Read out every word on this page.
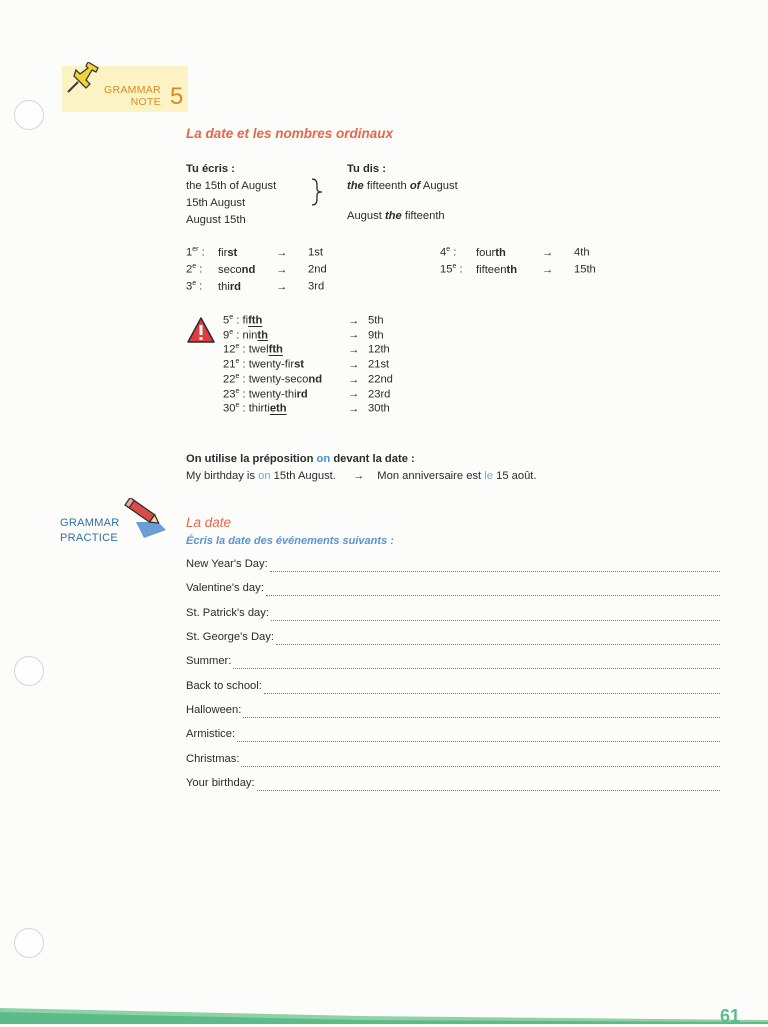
GRAMMAR
NOTE 5
La date et les nombres ordinaux
Tu écris :
the 15th of August
15th August
August 15th
Tu dis :
the fifteenth of August
August the fifteenth
1er : first	→ 1st
2e : second → 2nd
3e : third	→ 3rd
4e : fourth	→ 4th
15e : fifteenth → 15th
5e : fifth	→ 5th
9e : ninth	→ 9th
12e : twelfth	→ 12th
21e : twenty-first	→ 21st
22e : twenty-second → 22nd
23e : twenty-third	→ 23rd
30e : thirtieth	→ 30th
On utilise la préposition on devant la date :
My birthday is on 15th August. → Mon anniversaire est le 15 août.
GRAMMAR
PRACTICE
La date
Écris la date des événements suivants :
New Year's Day:
Valentine's day:
St. Patrick's day:
St. George's Day:
Summer:
Back to school:
Halloween:
Armistice:
Christmas:
Your birthday:
61
